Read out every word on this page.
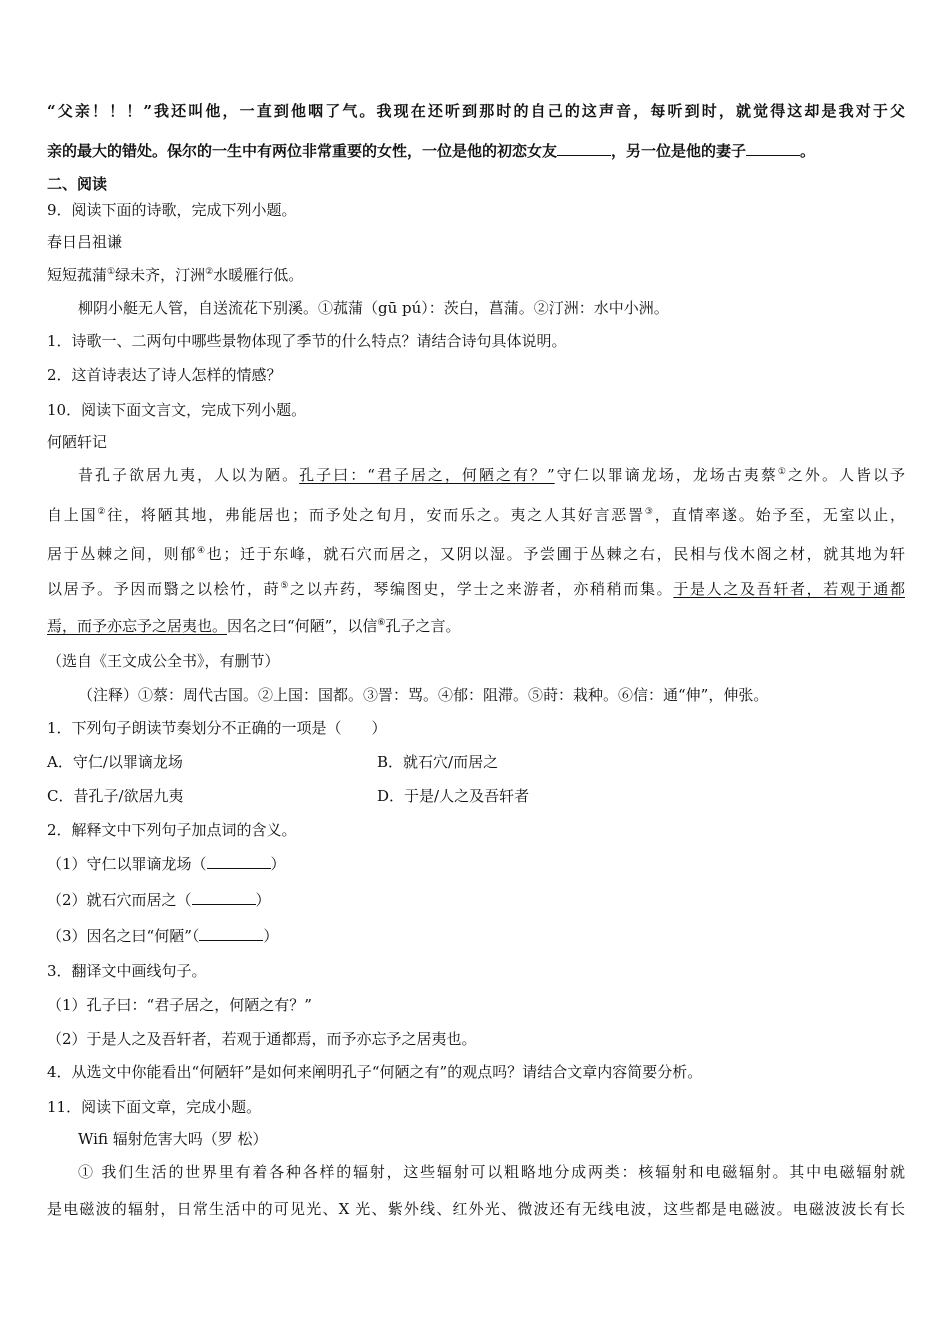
“父亲！！！”我还叫他，一直到他咽了气。我现在还听到那时的自己的这声音，每听到时，就觉得这却是我对于父
亲的最大的错处。保尔的一生中有两位非常重要的女性，一位是他的初恋女友	，另一位是他的妻子	。
二、阅读
9．阅读下面的诗歌，完成下列小题。
春日吕祖谦
短短菰蒲①绿未齐，汀洲②水暖雁行低。
柳阴小艇无人管，自送流花下别溪。①菰蒲（gū pú）：茨白，菖蒲。②汀洲：水中小洲。
1．诗歌一、二两句中哪些景物体现了季节的什么特点？请结合诗句具体说明。
2．这首诗表达了诗人怎样的情感？
10．阅读下面文言文，完成下列小题。
何陋轩记
昔孔子欲居九夷，人以为陋。孔子曰：“君子居之，何陋之有？”守仁以罪谪龙场，龙场古夷蔡①之外。人皆以予
自上国②往，将陋其地，弗能居也；而予处之旬月，安而乐之。夷之人其好言恶詈③，直情率遂。始予至，无室以止，
居于丛棘之间，则郁④也；迁于东峰，就石穴而居之，又阴以湿。予尝圃于丛棘之右，民相与伐木阁之材，就其地为轩
以居予。予因而翳之以桧竹，莳⑤之以卉药，琴编图史，学士之来游者，亦稍稍而集。于是人之及吾轩者，若观于通都
焉，而予亦忘予之居夷也。因名之曰“何陋”，以信⑥孔子之言。
（选自《王文成公全书》，有删节）
（注释）①蔡：周代古国。②上国：国都。③詈：骂。④郁：阻滞。⑤莳：栽种。⑥信：通“伸”，伸张。
1．下列句子朗读节奏划分不正确的一项是（　　）
A．守仁/以罪谪龙场	B．就石穴/而居之
C．昔孔子/欲居九夷	D．于是/人之及吾轩者
2．解释文中下列句子加点词的含义。
（1）守仁以罪谪龙场（	）
（2）就石穴而居之（	）
（3）因名之曰“何陋”（	）
3．翻译文中画线句子。
（1）孔子曰：“君子居之，何陋之有？”
（2）于是人之及吾轩者，若观于通都焉，而予亦忘予之居夷也。
4．从选文中你能看出“何陋轩”是如何来阐明孔子“何陋之有”的观点吗？请结合文章内容简要分析。
11．阅读下面文章，完成小题。
Wifi 辐射危害大吗（罗 松）
① 我们生活的世界里有着各种各样的辐射，这些辐射可以粗略地分成两类：核辐射和电磁辐射。其中电磁辐射就
是电磁波的辐射，日常生活中的可见光、X 光、紫外线、红外光、微波还有无线电波，这些都是电磁波。电磁波波长有长
